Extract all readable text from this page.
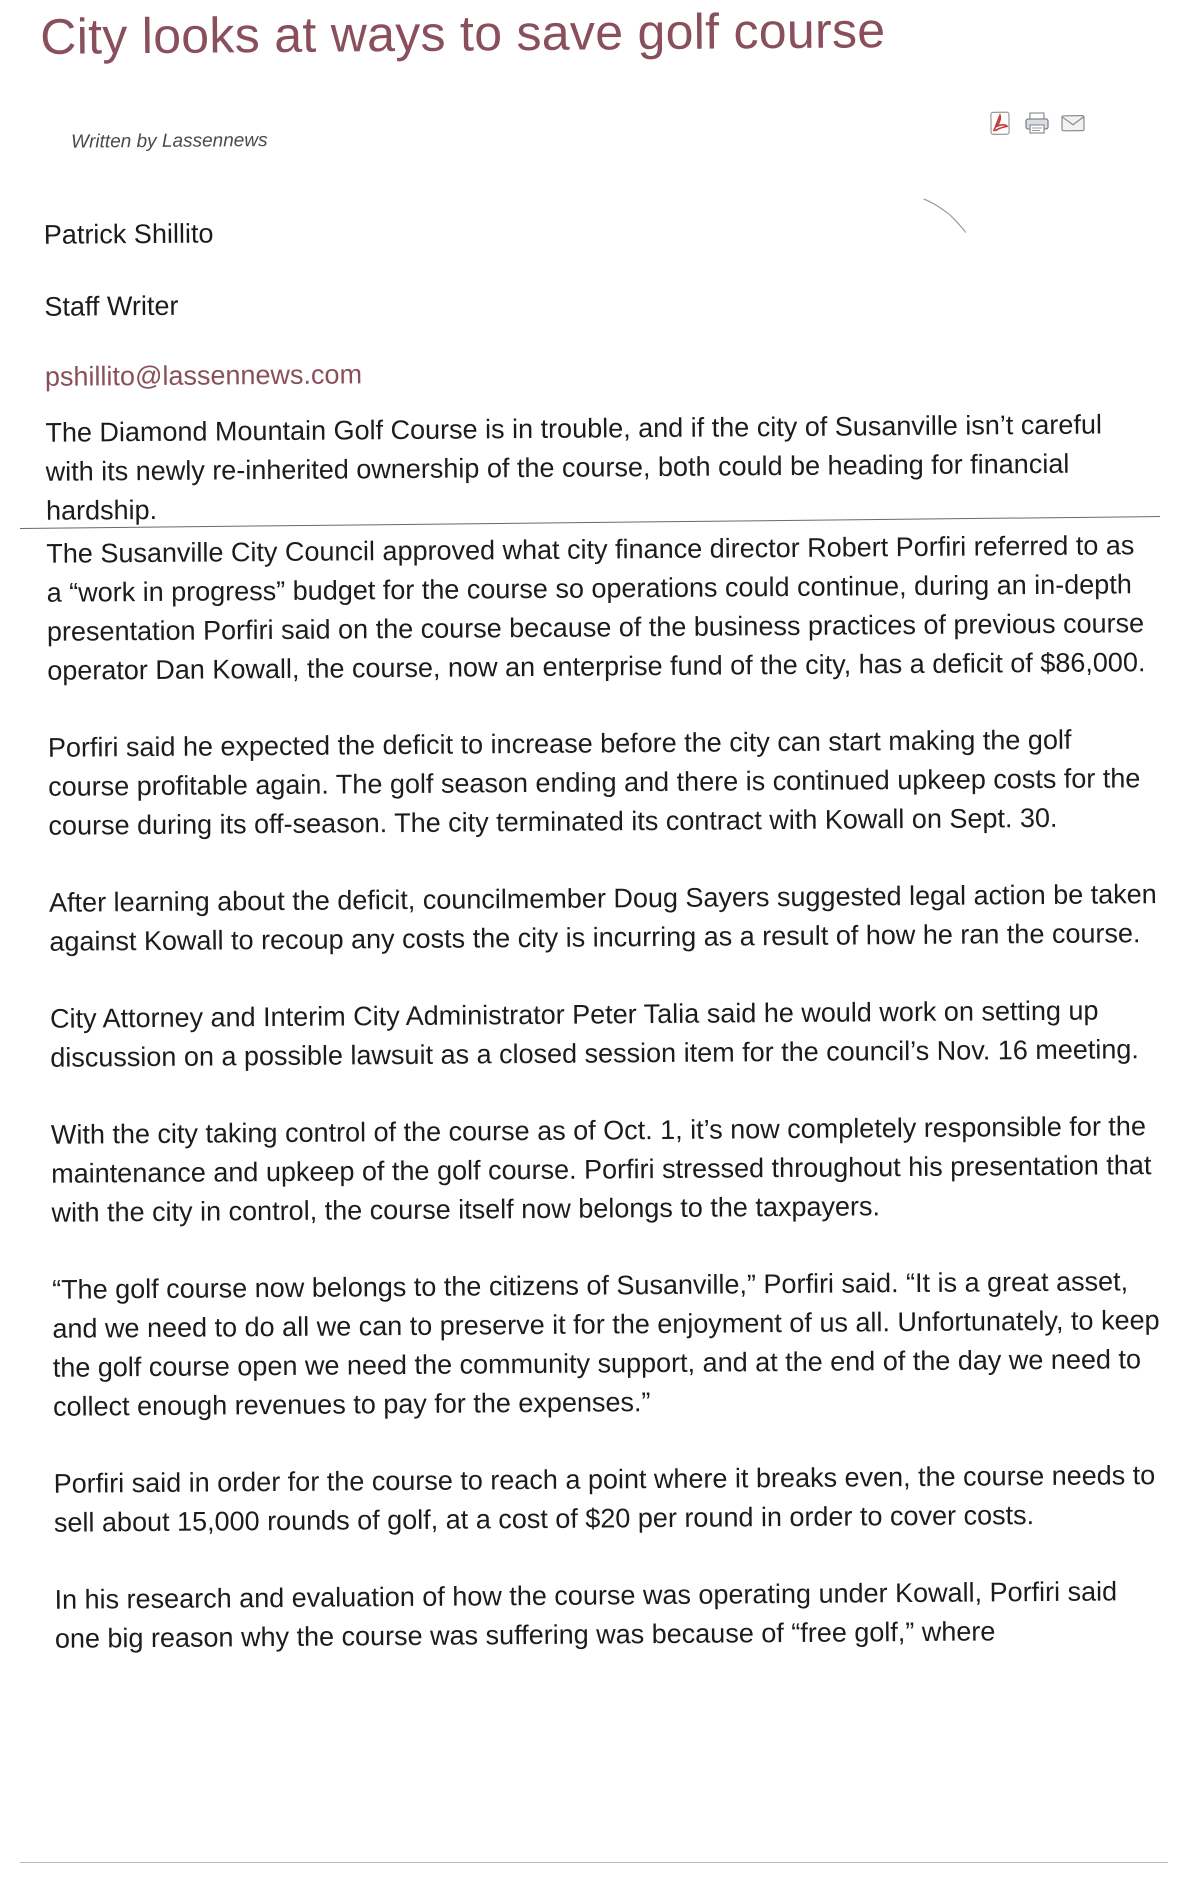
City looks at ways to save golf course
Written by Lassennews
Patrick Shillito
Staff Writer
pshillito@lassennews.com

The Diamond Mountain Golf Course is in trouble, and if the city of Susanville isn’t careful with its newly re-inherited ownership of the course, both could be heading for financial hardship.

The Susanville City Council approved what city finance director Robert Porfiri referred to as a “work in progress” budget for the course so operations could continue, during an in-depth presentation Porfiri said on the course because of the business practices of previous course operator Dan Kowall, the course, now an enterprise fund of the city, has a deficit of $86,000.

Porfiri said he expected the deficit to increase before the city can start making the golf course profitable again. The golf season ending and there is continued upkeep costs for the course during its off-season. The city terminated its contract with Kowall on Sept. 30.

After learning about the deficit, councilmember Doug Sayers suggested legal action be taken against Kowall to recoup any costs the city is incurring as a result of how he ran the course.

City Attorney and Interim City Administrator Peter Talia said he would work on setting up discussion on a possible lawsuit as a closed session item for the council’s Nov. 16 meeting.

With the city taking control of the course as of Oct. 1, it’s now completely responsible for the maintenance and upkeep of the golf course. Porfiri stressed throughout his presentation that with the city in control, the course itself now belongs to the taxpayers.

“The golf course now belongs to the citizens of Susanville,” Porfiri said. “It is a great asset, and we need to do all we can to preserve it for the enjoyment of us all. Unfortunately, to keep the golf course open we need the community support, and at the end of the day we need to collect enough revenues to pay for the expenses.”

Porfiri said in order for the course to reach a point where it breaks even, the course needs to sell about 15,000 rounds of golf, at a cost of $20 per round in order to cover costs.

In his research and evaluation of how the course was operating under Kowall, Porfiri said one big reason why the course was suffering was because of “free golf,” where
